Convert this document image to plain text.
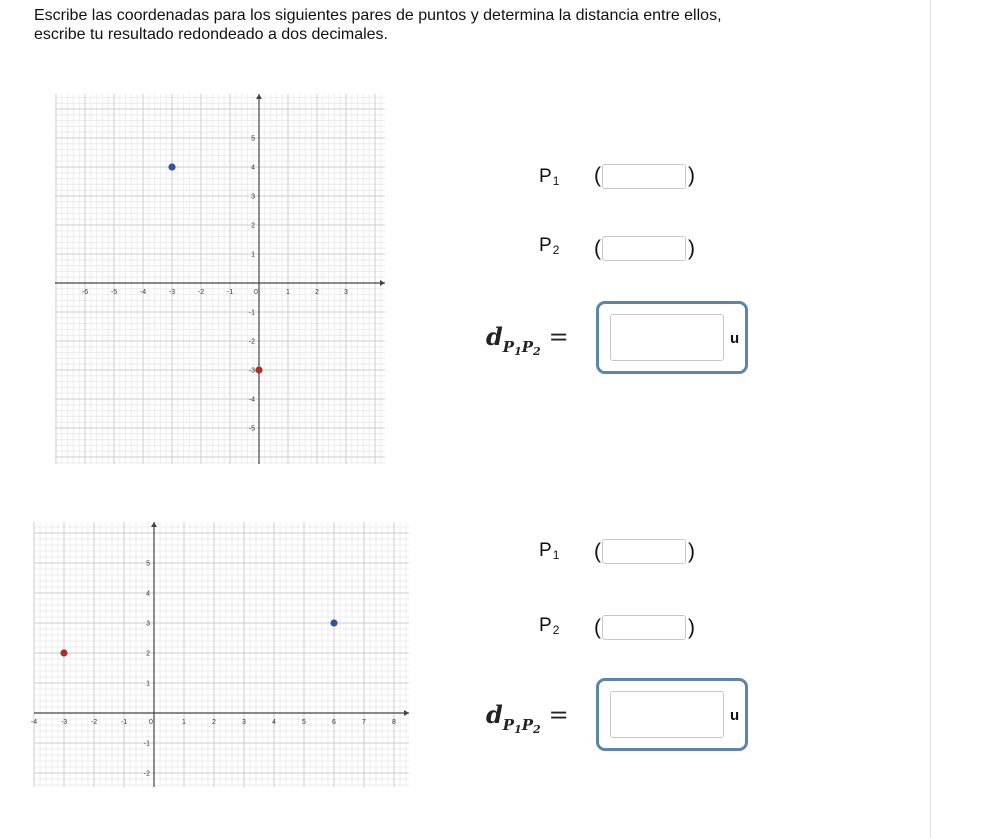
Escribe las coordenadas para los siguientes pares de puntos y determina la distancia entre ellos,
escribe tu resultado redondeado a dos decimales.

-6	-5	-4	-3	-2	-1	0	1	2	3
1
2
3
4
5
-1
-2
-3
-4
-5
$P_1$ (	)
$P_2$ (	)
$d_{P_1P_2}=$	u
-4	-3	-2	-1	0	1	2	3	4	5	6	7	8
1
2
3
4
5
-1
-2
$P_1$ (	)
$P_2$ (	)
$d_{P_1P_2}=$	u
